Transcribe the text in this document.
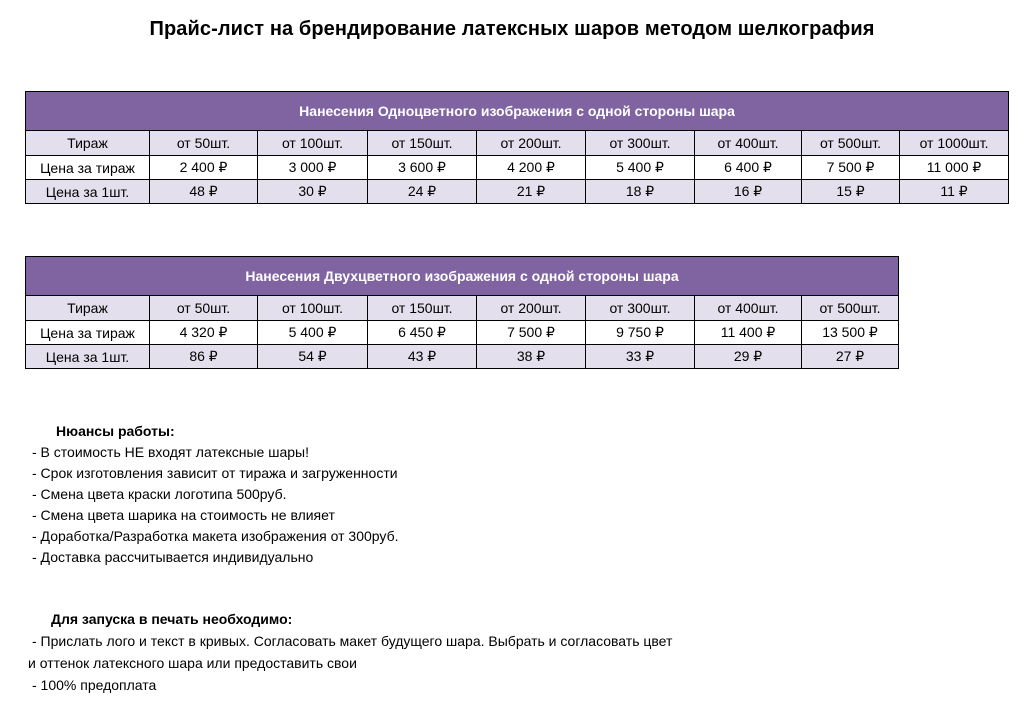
Прайс-лист на брендирование латексных шаров методом шелкография
Нанесения Одноцветного изображения с одной стороны шара								
Тираж	от 50шт.	от 100шт.	от 150шт.	от 200шт.	от 300шт.	от 400шт.	от 500шт.	от 1000шт.
Цена за тираж	2 400 ₽	3 000 ₽	3 600 ₽	4 200 ₽	5 400 ₽	6 400 ₽	7 500 ₽	11 000 ₽
Цена за 1шт.	48 ₽	30 ₽	24 ₽	21 ₽	18 ₽	16 ₽	15 ₽	11 ₽
Нанесения Двухцветного изображения с одной стороны шара							
Тираж	от 50шт.	от 100шт.	от 150шт.	от 200шт.	от 300шт.	от 400шт.	от 500шт.
Цена за тираж	4 320 ₽	5 400 ₽	6 450 ₽	7 500 ₽	9 750 ₽	11 400 ₽	13 500 ₽
Цена за 1шт.	86 ₽	54 ₽	43 ₽	38 ₽	33 ₽	29 ₽	27 ₽
Нюансы работы:
- В стоимость НЕ входят латексные шары!
- Срок изготовления зависит от тиража и загруженности
- Смена цвета краски логотипа 500руб.
- Смена цвета шарика на стоимость не влияет
- Доработка/Разработка макета изображения от 300руб.
- Доставка рассчитывается индивидуально
Для запуска в печать необходимо:
- Прислать лого и текст в кривых. Согласовать макет будущего шара. Выбрать и согласовать цвет
и оттенок латексного шара или предоставить свои
- 100% предоплата
